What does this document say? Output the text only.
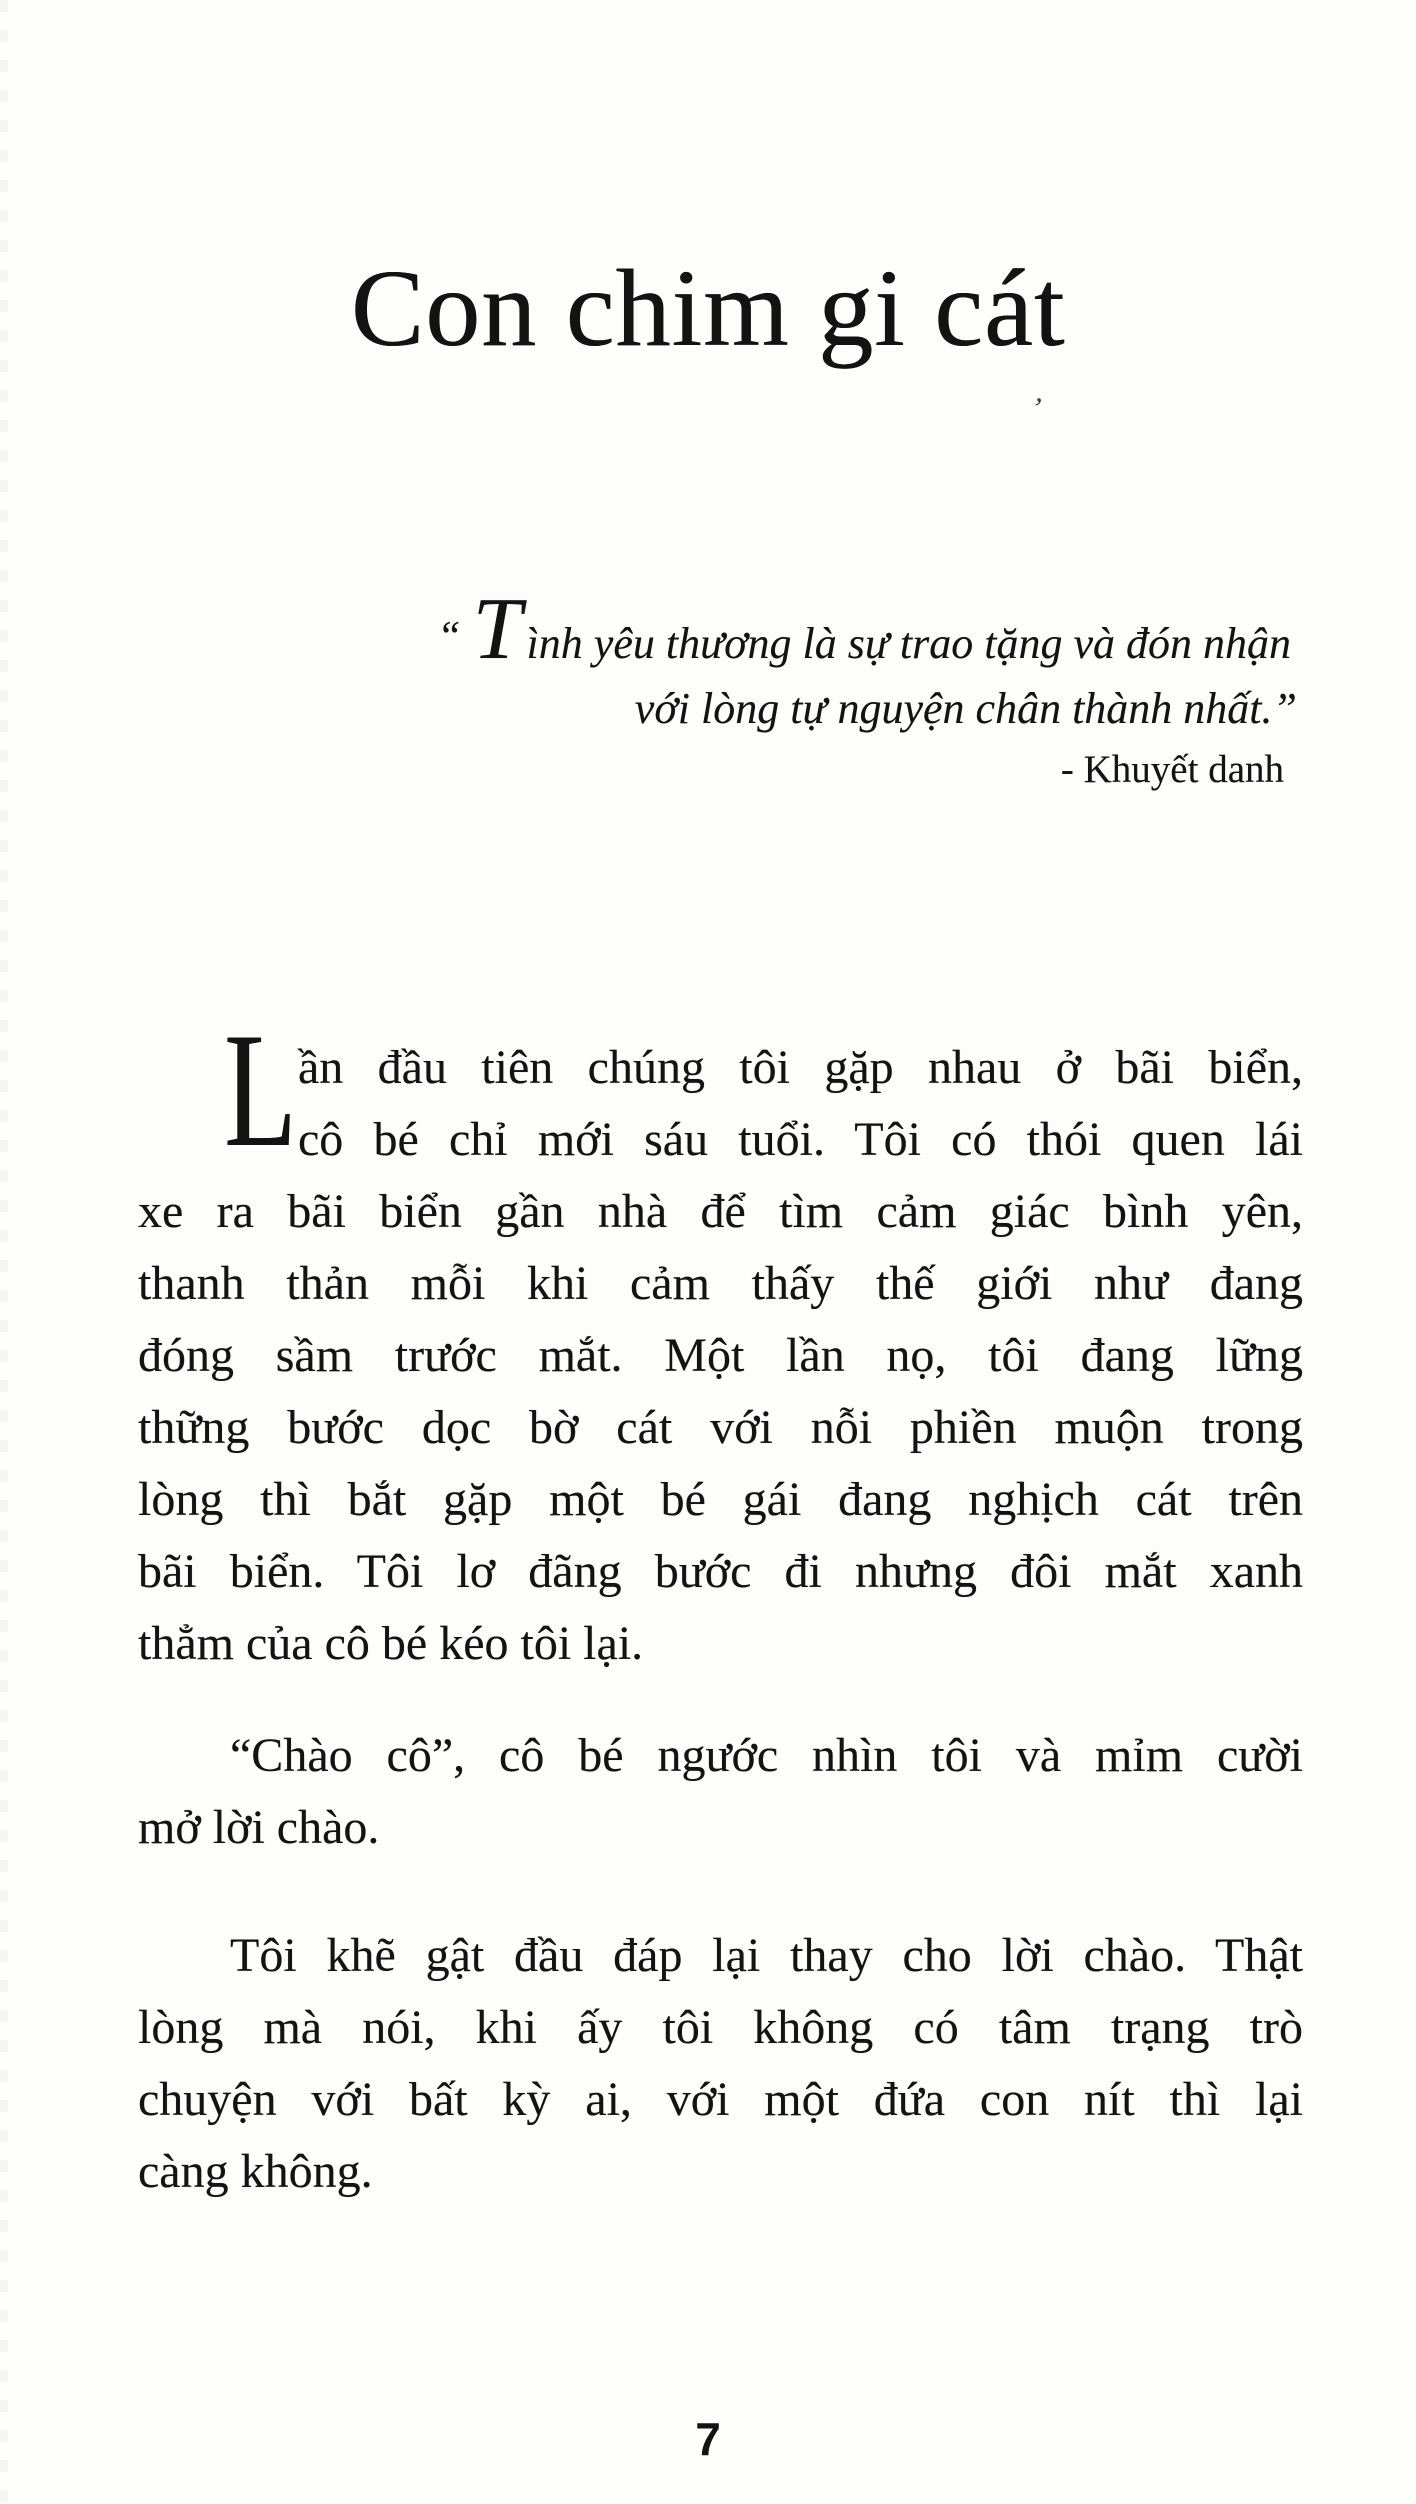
Con chim gi cát
’
“ T ình yêu thương là sự trao tặng và đón nhận
với lòng tự nguyện chân thành nhất.”
- Khuyết danh
L ần đầu tiên chúng tôi gặp nhau ở bãi biển,
cô bé chỉ mới sáu tuổi. Tôi có thói quen lái
xe ra bãi biển gần nhà để tìm cảm giác bình yên,
thanh thản mỗi khi cảm thấy thế giới như đang
đóng sầm trước mắt. Một lần nọ, tôi đang lững
thững bước dọc bờ cát với nỗi phiền muộn trong
lòng thì bắt gặp một bé gái đang nghịch cát trên
bãi biển. Tôi lơ đãng bước đi nhưng đôi mắt xanh
thẳm của cô bé kéo tôi lại.
“Chào cô”, cô bé ngước nhìn tôi và mỉm cười
mở lời chào.
Tôi khẽ gật đầu đáp lại thay cho lời chào. Thật
lòng mà nói, khi ấy tôi không có tâm trạng trò
chuyện với bất kỳ ai, với một đứa con nít thì lại
càng không.
7
